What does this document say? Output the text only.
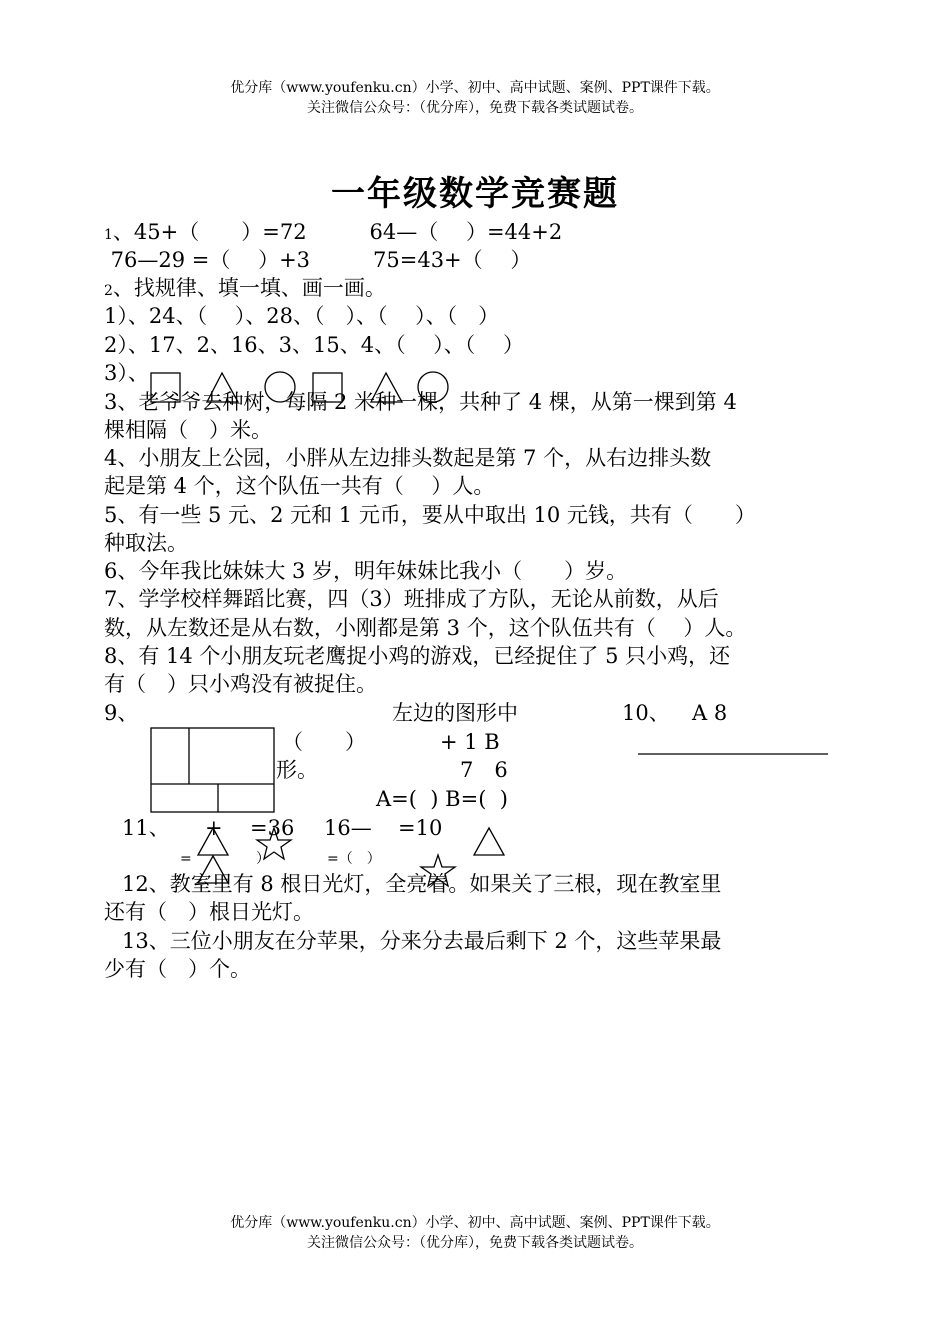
优分库（www.youfenku.cn）小学、初中、高中试题、案例、PPT课件下载。
关注微信公众号：（优分库），免费下载各类试题试卷。
一年级数学竞赛题
1、45+（　　）=72　　　64—（　 ）=44+2
76—29 =（　 ）+3　　　75=43+（　 ）
2、找规律、填一填、画一画。
1）、24、（　 ）、28、（　）、（　 ）、（　）
2）、17、2、16、3、15、4、（　 ）、（　 ）
3）、
3、老爷爷去种树，每隔 2 米种一棵，共种了 4 棵，从第一棵到第 4
棵相隔（　）米。
4、小朋友上公园，小胖从左边排头数起是第 7 个，从右边排头数
起是第 4 个，这个队伍一共有（　 ）人。
5、有一些 5 元、2 元和 1 元币，要从中取出 10 元钱，共有（　　）
种取法。
6、今年我比妹妹大 3 岁，明年妹妹比我小（　　）岁。
7、学学校样舞蹈比赛，四（3）班排成了方队，无论从前数，从后
数，从左数还是从右数，小刚都是第 3 个，这个队伍共有（　 ）人。
8、有 14 个小朋友玩老鹰捉小鸡的游戏，已经捉住了 5 只小鸡，还
有（　）只小鸡没有被捉住。
9、	左边的图形中
（　　）
形。
10、 A 8
+ 1 B
7　6
A=(  ) B=(  )
11、 + =36 16— =10
=	）	=（　）
12、教室里有 8 根日光灯，全亮着。如果关了三根，现在教室里
还有（　）根日光灯。
13、三位小朋友在分苹果，分来分去最后剩下 2 个，这些苹果最
少有（　）个。
优分库（www.youfenku.cn）小学、初中、高中试题、案例、PPT课件下载。
关注微信公众号：（优分库），免费下载各类试题试卷。
